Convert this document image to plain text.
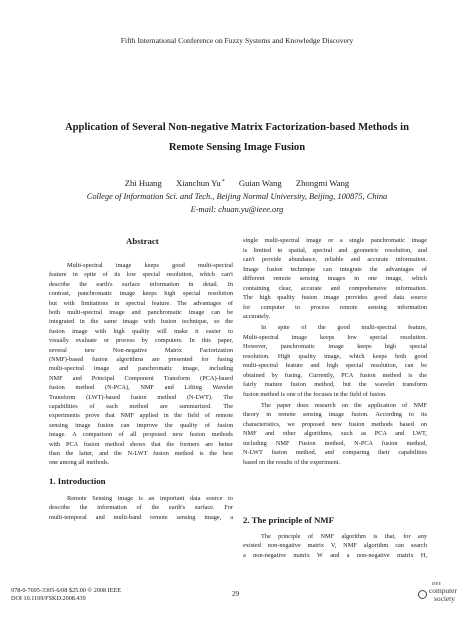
Fifth International Conference on Fuzzy Systems and Knowledge Discovery
Application of Several Non-negative Matrix Factorization-based Methods in
Remote Sensing Image Fusion
Zhi Huang Xianchun Yu* Guian Wang Zhongmi Wang
College of Information Sci. and Tech., Beijing Normal University, Beijing, 100875, China
E-mail: chuan.yu@ieee.org
Abstract
Multi-spectral image keeps good multi-spectral
feature in spite of its low special resolution, which can't
describe the earth's surface information in detail. In
contrast, panchromatic image keeps high special resolution
but with limitations in spectral feature. The advantages of
both multi-spectral image and panchromatic image can be
integrated in the same image with fusion technique, so the
fusion image with high quality will make it easier to
visually evaluate or process by computers. In this paper,
several new Non-negative Matrix Factorization
(NMF)-based fusion algorithms are presented for fusing
multi-spectral image and panchromatic image, including
NMF and Principal Component Transform (PCA)-based
fusion method (N-PCA), NMF and Lifting Wavelet
Transform (LWT)-based fusion method (N-LWT). The
capabilities of each method are summarized. The
experiments prove that NMF applied in the field of remote
sensing image fusion can improve the quality of fusion
image. A comparison of all proposed new fusion methods
with PCA fusion method shows that the formers are better
than the latter, and the N-LWT fusion method is the best
one among all methods.
1. Introduction
Remote Sensing image is an important data source to
describe the information of the earth's surface. For
multi-temporal and multi-band remote sensing image, a
single multi-spectral image or a single panchromatic image
is limited in spatial, spectral and geometric resolution, and
can't provide abundance, reliable and accurate information.
Image fusion technique can integrate the advantages of
different remote sensing images in one image, which
containing clear, accurate and comprehensive information.
The high quality fusion image provides good data source
for computer to process remote sensing information
accurately.
In spite of the good multi-spectral feature,
Multi-spectral image keeps low special resolution.
However, panchromatic image keeps high special
resolution. High quality image, which keeps both good
multi-spectral feature and high special resolution, can be
obtained by fusing. Currently, PCA fusion method is the
fairly mature fusion method, but the wavelet transform
fusion method is one of the focuses in the field of fusion.
The paper does research on the application of NMF
theory in remote sensing image fusion. According to its
characteristics, we proposed new fusion methods based on
NMF and other algorithms, such as PCA and LWT,
including NMF Fusion method, N-PCA fusion method,
N-LWT fusion method, and comparing their capabilities
based on the results of the experiment.
2. The principle of NMF
The principle of NMF algorithm is that, for any
existed non-negative matrix V, NMF algorithm can search
a non-negative matrix W and a non-negative matrix H,
978-0-7695-3305-6/08 $25.00 © 2008 IEEE
DOI 10.1109/FSKD.2008.439
29
IEEE
computer
society
